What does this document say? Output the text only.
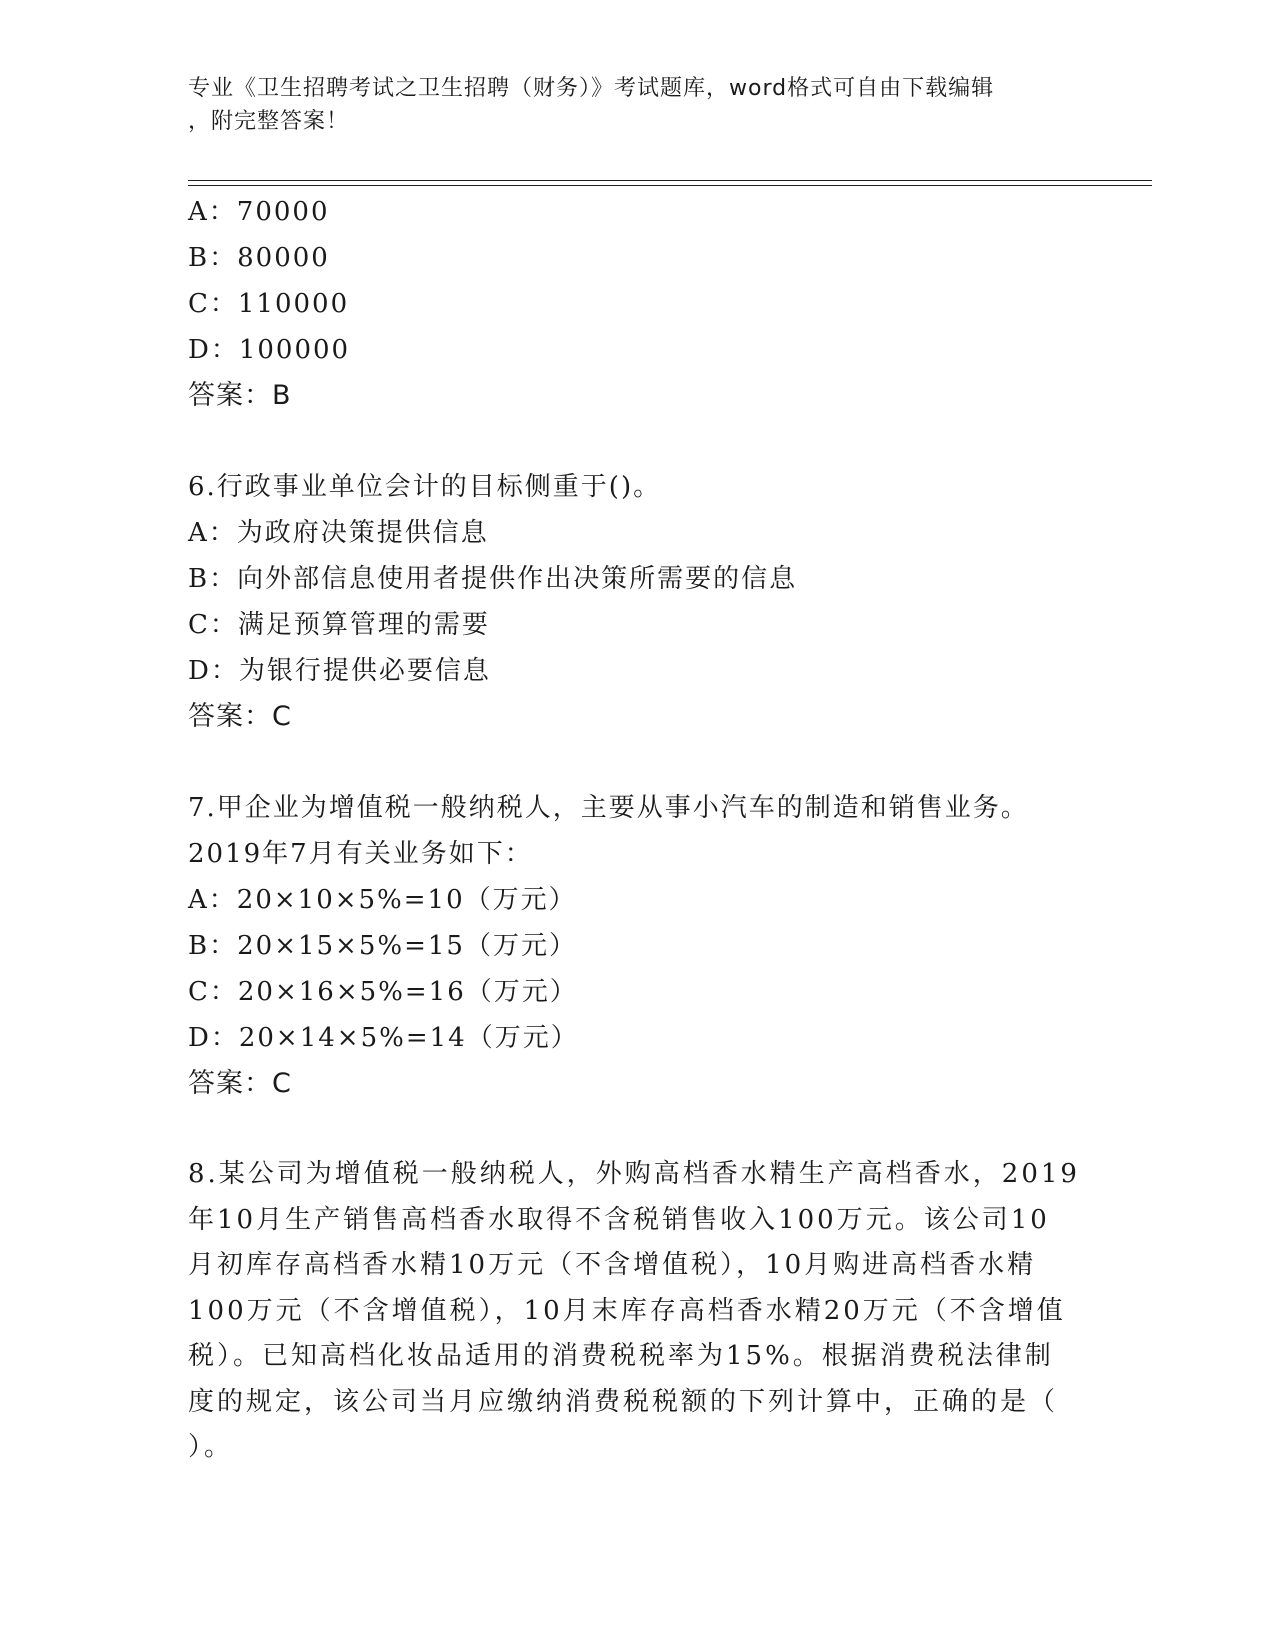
专业《卫生招聘考试之卫生招聘（财务）》考试题库，word格式可自由下载编辑
，附完整答案！
A：70000
B：80000
C：110000
D：100000
答案：B
6.行政事业单位会计的目标侧重于()。
A：为政府决策提供信息
B：向外部信息使用者提供作出决策所需要的信息
C：满足预算管理的需要
D：为银行提供必要信息
答案：C
7.甲企业为增值税一般纳税人，主要从事小汽车的制造和销售业务。
2019年7月有关业务如下：
A：20×10×5%=10（万元）
B：20×15×5%=15（万元）
C：20×16×5%=16（万元）
D：20×14×5%=14（万元）
答案：C
8.某公司为增值税一般纳税人，外购高档香水精生产高档香水，2019
年10月生产销售高档香水取得不含税销售收入100万元。该公司10
月初库存高档香水精10万元（不含增值税），10月购进高档香水精
100万元（不含增值税），10月末库存高档香水精20万元（不含增值
税）。已知高档化妆品适用的消费税税率为15%。根据消费税法律制
度的规定，该公司当月应缴纳消费税税额的下列计算中，正确的是（
）。
